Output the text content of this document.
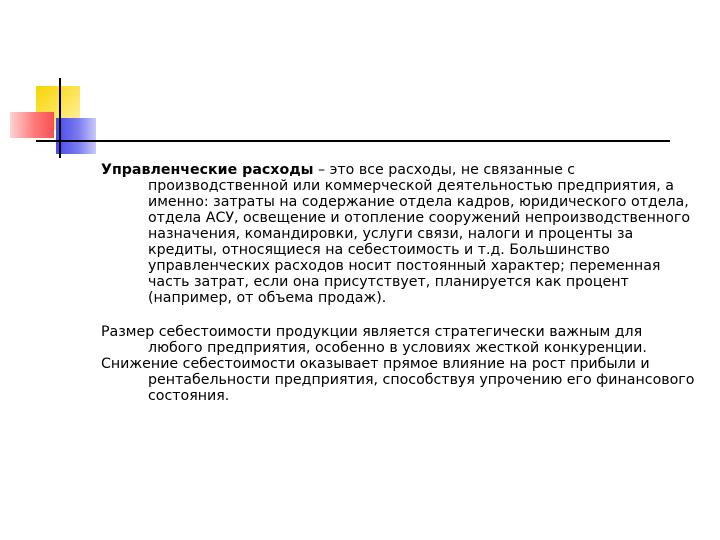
Управленческие расходы – это все расходы, не связанные с производственной или коммерческой деятельностью предприятия, а именно: затраты на содержание отдела кадров, юридического отдела, отдела АСУ, освещение и отопление сооружений непроизводственного назначения, командировки, услуги связи, налоги и проценты за кредиты, относящиеся на себестоимость и т.д. Большинство управленческих расходов носит постоянный характер; переменная часть затрат, если она присутствует, планируется как процент (например, от объема продаж).

Размер себестоимости продукции является стратегически важным для любого предприятия, особенно в условиях жесткой конкуренции.

Снижение себестоимости оказывает прямое влияние на рост прибыли и рентабельности предприятия, способствуя упрочению его финансового состояния.
